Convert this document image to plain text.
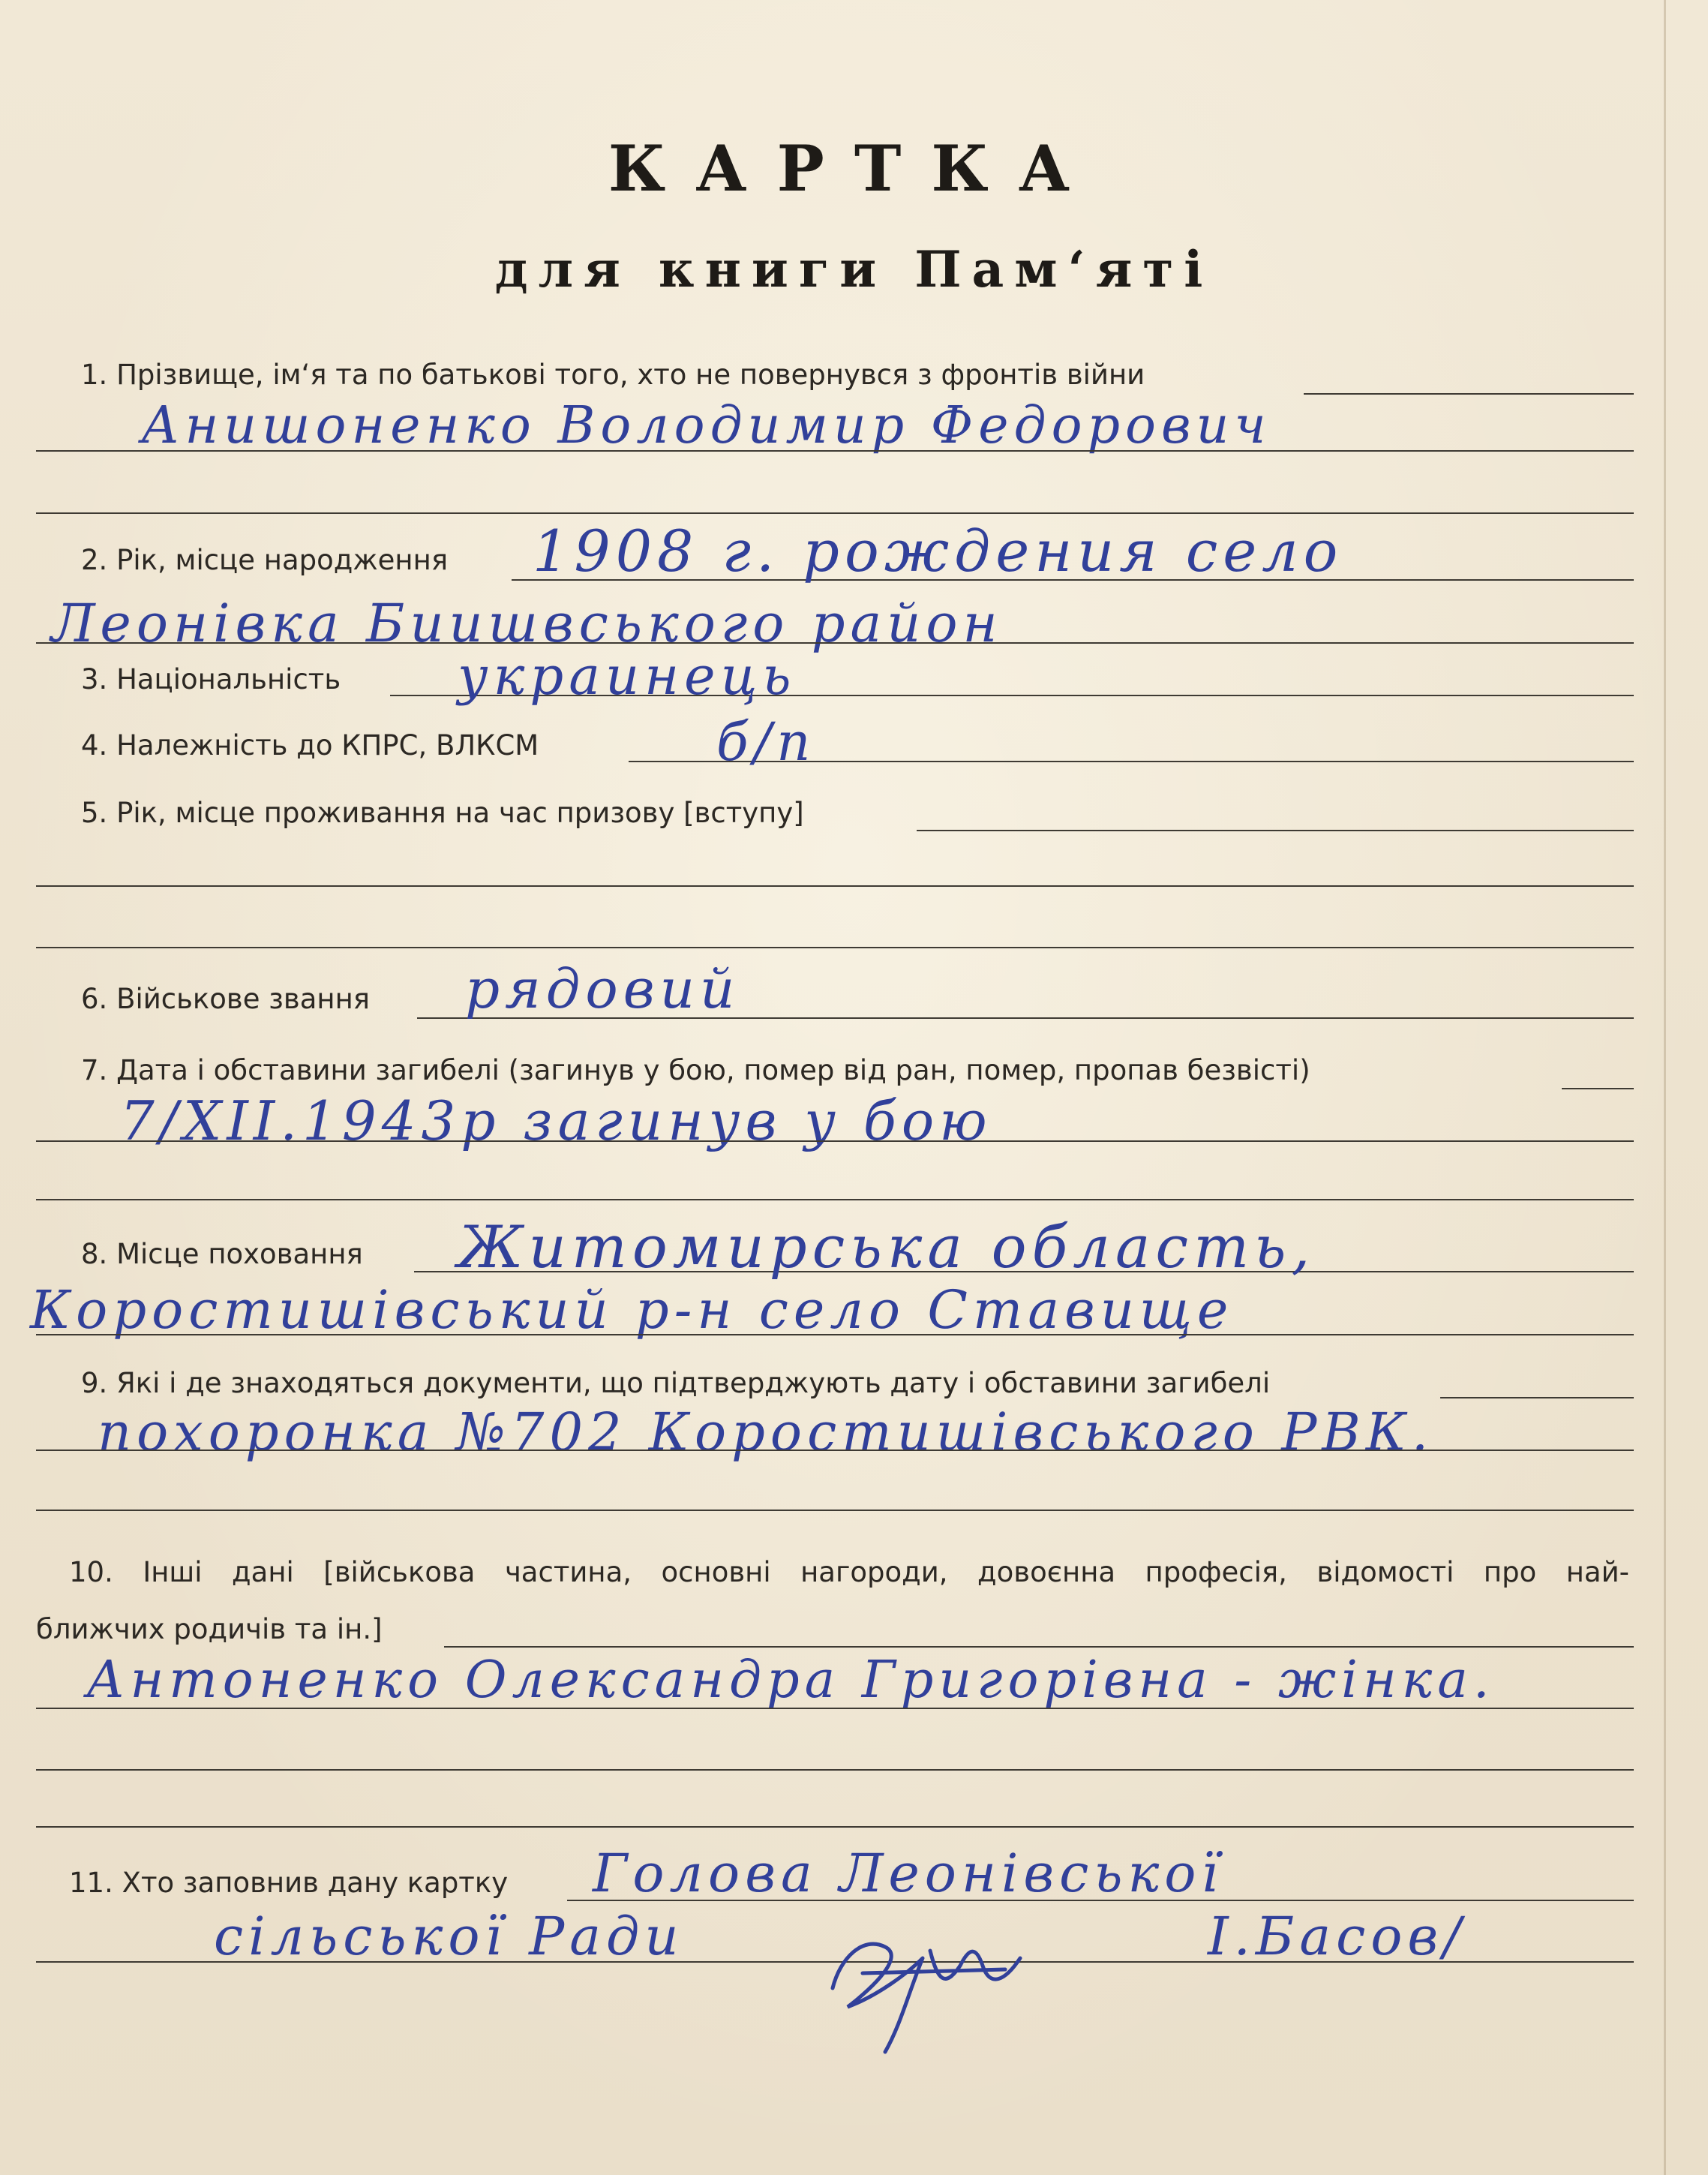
КАРТКА
для книги Пам‘яті
1. Прізвище, ім‘я та по батькові того, хто не повернувся з фронтів війни
Анишоненко Володимир Федорович
2. Рік, місце народження 1908 г. рождения село
Леонівка Биишвського район
3. Національність украинець
4. Належність до КПРС, ВЛКСМ	б/п
5. Рік, місце проживання на час призову [вступу]
6. Військове звання рядовий
7. Дата і обставини загибелі (загинув у бою, помер від ран, помер, пропав безвісті)
7/XII.1943р загинув у бою
8. Місце поховання Житомирська область,
Коростишівський р-н село Ставище
9. Які і де знаходяться документи, що підтверджують дату і обставини загибелі
похоронка №702 Коростишівського РВК.
10. Інші дані [військова частина, основні нагороди, довоєнна професія, відомості про най-
ближчих родичів та ін.]
Антоненко Олександра Григорівна - жінка.
11. Хто заповнив дану картку Голова Леонівської
сільської Ради	І.Басов/
